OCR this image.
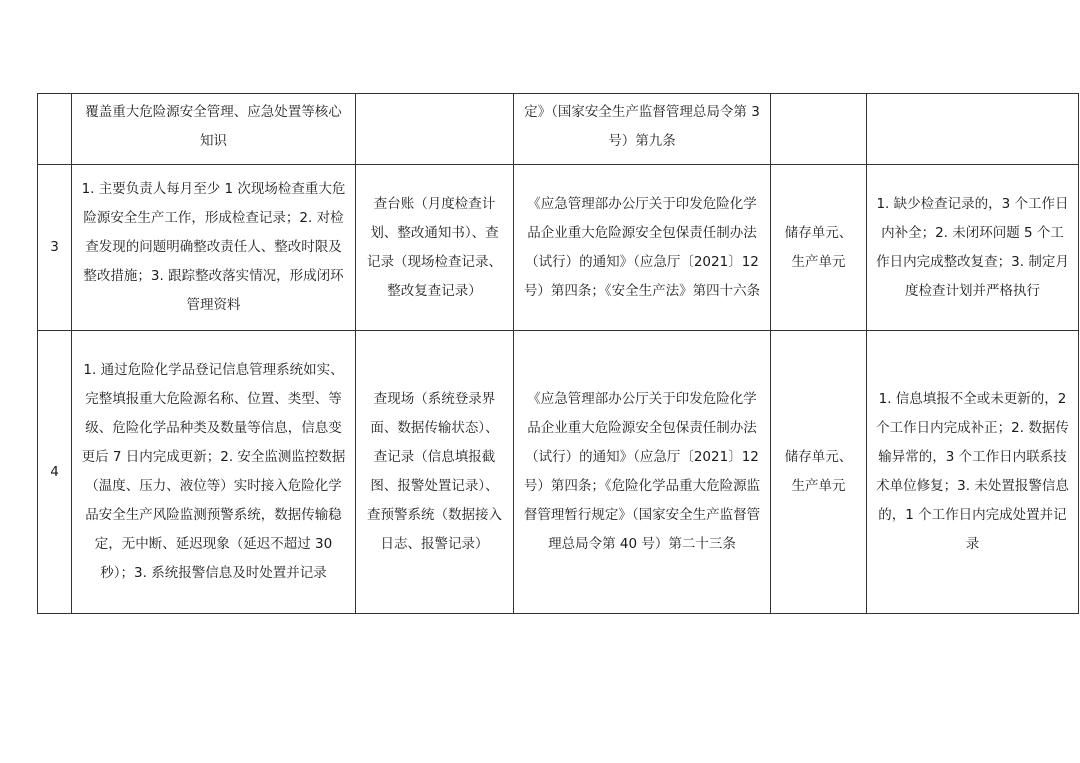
	覆盖重大危险源安全管理、应急处置等核心知识		定》（国家安全生产监督管理总局令第 3 号）第九条		
3	1. 主要负责人每月至少 1 次现场检查重大危险源安全生产工作，形成检查记录；2. 对检查发现的问题明确整改责任人、整改时限及整改措施；3. 跟踪整改落实情况，形成闭环管理资料	查台账（月度检查计划、整改通知书）、查记录（现场检查记录、整改复查记录）	《应急管理部办公厅关于印发危险化学品企业重大危险源安全包保责任制办法（试行）的通知》（应急厅〔2021〕12 号）第四条；《安全生产法》第四十六条	储存单元、生产单元	1. 缺少检查记录的，3 个工作日内补全；2. 未闭环问题 5 个工作日内完成整改复查；3. 制定月度检查计划并严格执行
4	1. 通过危险化学品登记信息管理系统如实、完整填报重大危险源名称、位置、类型、等级、危险化学品种类及数量等信息，信息变更后 7 日内完成更新；2. 安全监测监控数据（温度、压力、液位等）实时接入危险化学品安全生产风险监测预警系统，数据传输稳定，无中断、延迟现象（延迟不超过 30 秒）；3. 系统报警信息及时处置并记录	查现场（系统登录界面、数据传输状态）、查记录（信息填报截图、报警处置记录）、查预警系统（数据接入日志、报警记录）	《应急管理部办公厅关于印发危险化学品企业重大危险源安全包保责任制办法（试行）的通知》（应急厅〔2021〕12 号）第四条；《危险化学品重大危险源监督管理暂行规定》（国家安全生产监督管理总局令第 40 号）第二十三条	储存单元、生产单元	1. 信息填报不全或未更新的，2 个工作日内完成补正；2. 数据传输异常的，3 个工作日内联系技术单位修复；3. 未处置报警信息的，1 个工作日内完成处置并记录
